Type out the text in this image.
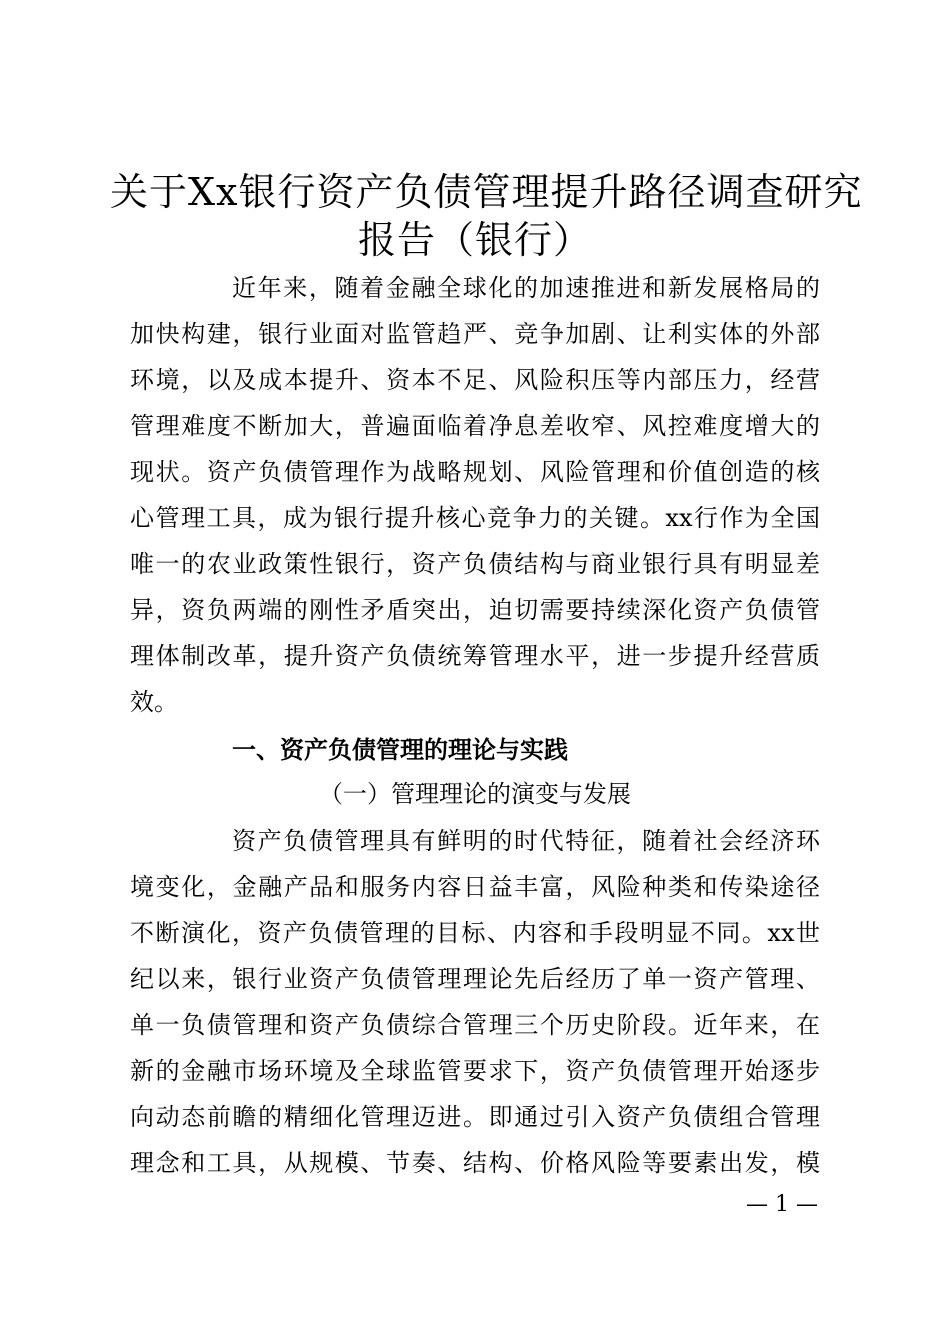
关于Xx银行资产负债管理提升路径调查研究
报告（银行）
近年来，随着金融全球化的加速推进和新发展格局的
加快构建，银行业面对监管趋严、竞争加剧、让利实体的外部
环境，以及成本提升、资本不足、风险积压等内部压力，经营
管理难度不断加大，普遍面临着净息差收窄、风控难度增大的
现状。资产负债管理作为战略规划、风险管理和价值创造的核
心管理工具，成为银行提升核心竞争力的关键。xx行作为全国
唯一的农业政策性银行，资产负债结构与商业银行具有明显差
异，资负两端的刚性矛盾突出，迫切需要持续深化资产负债管
理体制改革，提升资产负债统筹管理水平，进一步提升经营质
效。
一、资产负债管理的理论与实践
（一）管理理论的演变与发展
资产负债管理具有鲜明的时代特征，随着社会经济环
境变化，金融产品和服务内容日益丰富，风险种类和传染途径
不断演化，资产负债管理的目标、内容和手段明显不同。xx世
纪以来，银行业资产负债管理理论先后经历了单一资产管理、
单一负债管理和资产负债综合管理三个历史阶段。近年来，在
新的金融市场环境及全球监管要求下，资产负债管理开始逐步
向动态前瞻的精细化管理迈进。即通过引入资产负债组合管理
理念和工具，从规模、节奏、结构、价格风险等要素出发，模
— 1 —
